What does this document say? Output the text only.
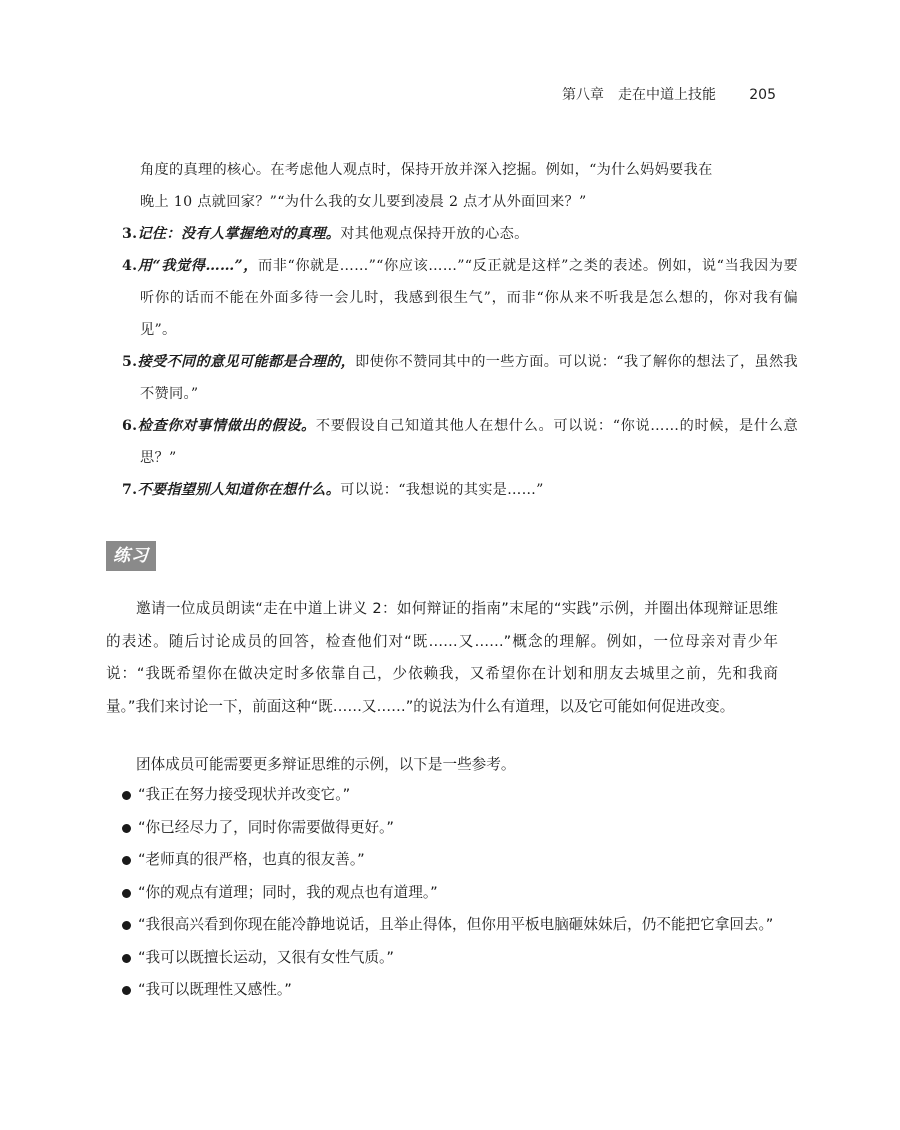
第八章　走在中道上技能 205
角度的真理的核心。在考虑他人观点时，保持开放并深入挖掘。例如，“为什么妈妈要我在
晚上 10 点就回家？”“为什么我的女儿要到凌晨 2 点才从外面回来？”
3.记住：没有人掌握绝对的真理。对其他观点保持开放的心态。
4.用“我觉得……”，而非“你就是……”“你应该……”“反正就是这样”之类的表述。例如，说“当我因为要听你的话而不能在外面多待一会儿时，我感到很生气”，而非“你从来不听我是怎么想的，你对我有偏见”。
5.接受不同的意见可能都是合理的，即使你不赞同其中的一些方面。可以说：“我了解你的想法了，虽然我不赞同。”
6.检查你对事情做出的假设。不要假设自己知道其他人在想什么。可以说：“你说……的时候，是什么意思？”
7.不要指望别人知道你在想什么。可以说：“我想说的其实是……”
练习
邀请一位成员朗读“走在中道上讲义 2：如何辩证的指南”末尾的“实践”示例，并圈出体现辩证思维的表述。随后讨论成员的回答，检查他们对“既……又……”概念的理解。例如，一位母亲对青少年说：“我既希望你在做决定时多依靠自己，少依赖我，又希望你在计划和朋友去城里之前，先和我商量。”我们来讨论一下，前面这种“既……又……”的说法为什么有道理，以及它可能如何促进改变。
团体成员可能需要更多辩证思维的示例，以下是一些参考。
“我正在努力接受现状并改变它。”
“你已经尽力了，同时你需要做得更好。”
“老师真的很严格，也真的很友善。”
“你的观点有道理；同时，我的观点也有道理。”
“我很高兴看到你现在能冷静地说话，且举止得体，但你用平板电脑砸妹妹后，仍不能把它拿回去。”
“我可以既擅长运动，又很有女性气质。”
“我可以既理性又感性。”
